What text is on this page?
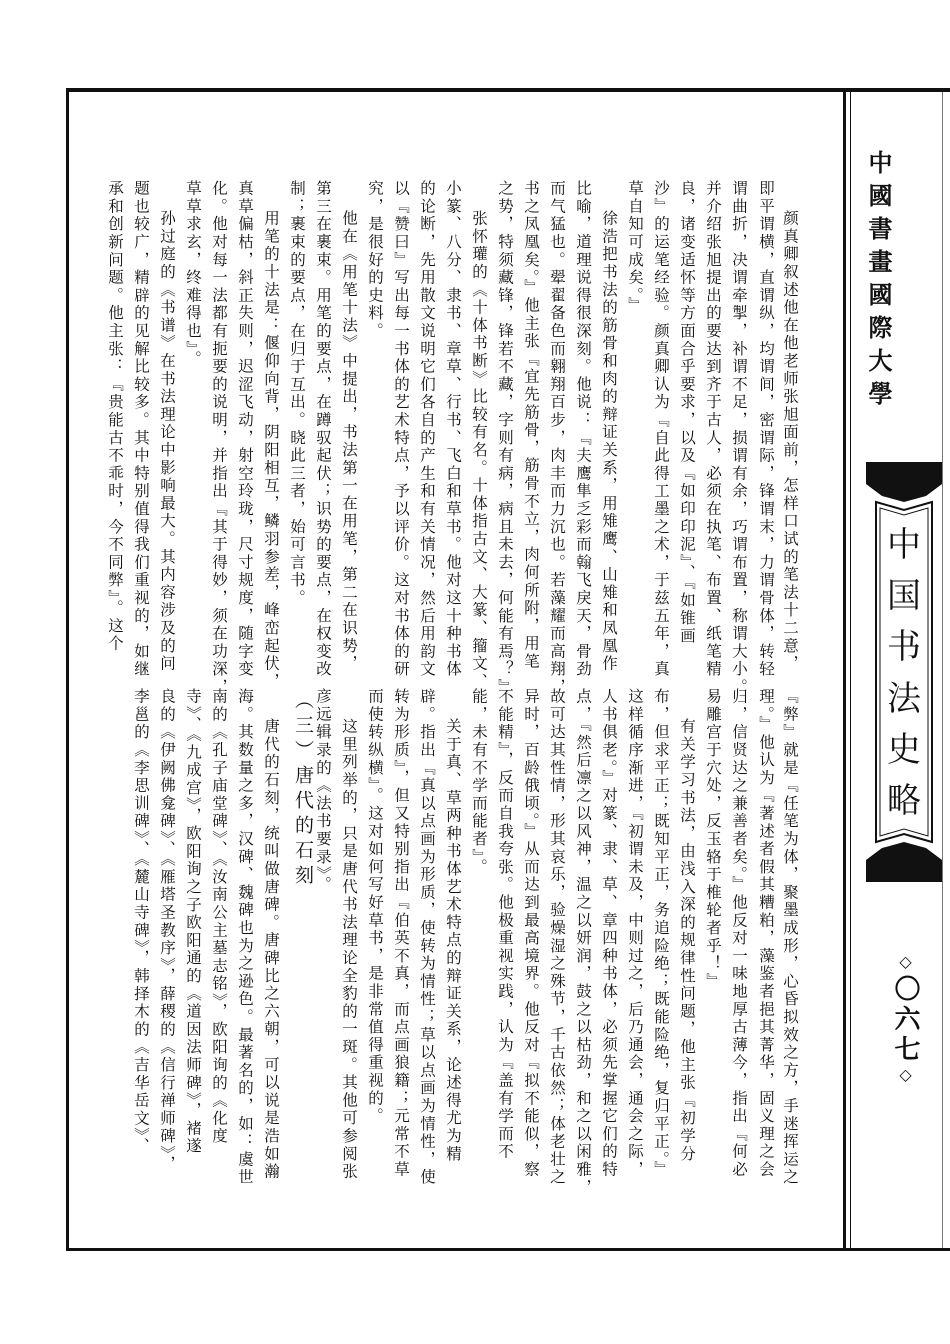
中國書畫國際大學
中
国
书
法
史
略
◇〇六七◇
颜真卿叙述他在他老师张旭面前，怎样口试的笔法十二意，
即平谓横，直谓纵，均谓间，密谓际，锋谓末，力谓骨体，转轻
谓曲折，决谓牵掣，补谓不足，损谓有余，巧谓布置，称谓大小。
并介绍张旭提出的要达到齐于古人，必须在执笔、布置、纸笔精
良，诸变适怀等方面合乎要求，以及『如印印泥』、『如锥画
沙』的运笔经验。颜真卿认为『自此得工墨之术，于兹五年，真
草自知可成矣。』
徐浩把书法的筋骨和肉的辩证关系，用雉鹰、山雉和凤凰作
比喻，道理说得很深刻。他说：『夫鹰隼乏彩而翰飞戾天，骨劲
而气猛也。翚翟备色而翱翔百步，肉丰而力沉也。若藻耀而高翔，
书之凤凰矣。』他主张『宜先筋骨，筋骨不立，肉何所附，用笔
之势，特须藏锋，锋若不藏，字则有病，病且未去，何能有焉？』
张怀瓘的《十体书断》比较有名。十体指古文、大篆、籀文、
小篆、八分、隶书、章草、行书、飞白和草书。他对这十种书体
的论断，先用散文说明它们各自的产生和有关情况，然后用韵文
以『赞曰』写出每一书体的艺术特点，予以评价。这对书体的研
究，是很好的史料。
他在《用笔十法》中提出，书法第一在用笔，第二在识势，
第三在裹束。用笔的要点，在蹲驭起伏；识势的要点，在权变改
制；裹束的要点，在归于互出。晓此三者，始可言书。
用笔的十法是：偃仰向背，阴阳相互，鳞羽参差，峰峦起伏，
真草偏枯，斜正失则，迟涩飞动，射空玲珑，尺寸规度，随字变
化。他对每一法都有扼要的说明，并指出『其于得妙，须在功深，
草草求玄，终难得也』。
孙过庭的《书谱》在书法理论中影响最大。其内容涉及的问
题也较广，精辟的见解比较多。其中特别值得我们重视的，如继
承和创新问题。他主张：『贵能古不乖时，今不同弊』。这个
『弊』就是『任笔为体，聚墨成形，心昏拟效之方，手迷挥运之
理。』他认为『著述者假其糟粕，藻鉴者挹其菁华，固义理之会
归，信贤达之兼善者矣。』他反对一味地厚古薄今，指出『何必
易雕宫于穴处，反玉辂于椎轮者乎！』
有关学习书法，由浅入深的规律性问题，他主张『初学分
布，但求平正；既知平正，务追险绝；既能险绝，复归平正。』
这样循序渐进，『初谓未及，中则过之，后乃通会，通会之际，
人书俱老。』对篆、隶、草、章四种书体，必须先掌握它们的特
点，『然后凛之以风神，温之以妍润，鼓之以枯劲，和之以闲雅，
故可达其性情，形其哀乐，验燥湿之殊节，千古依然；体老壮之
异时，百龄俄顷。』从而达到最高境界。他反对『拟不能似，察
不能精』，反而自我夸张。他极重视实践，认为『盖有学而不
能，未有不学而能者』。
关于真、草两种书体艺术特点的辩证关系，论述得尤为精
辟。指出『真以点画为形质，使转为情性；草以点画为情性，使
转为形质』，但又特别指出『伯英不真，而点画狼籍；元常不草
而使转纵横』。这对如何写好草书，是非常值得重视的。
这里列举的，只是唐代书法理论全豹的一斑。其他可参阅张
彦远辑录的《法书要录》。
唐代的石刻，统叫做唐碑。唐碑比之六朝，可以说是浩如瀚
海。其数量之多，汉碑、魏碑也为之逊色。最著名的，如：虞世
南的《孔子庙堂碑》、《汝南公主墓志铭》，欧阳询的《化度
寺》、《九成宫》，欧阳询之子欧阳通的《道因法师碑》，褚遂
良的《伊阙佛龛碑》、《雁塔圣教序》，薛稷的《信行禅师碑》，
李邕的《李思训碑》、《麓山寺碑》，韩择木的《吉华岳文》、	（三）唐代的石刻
